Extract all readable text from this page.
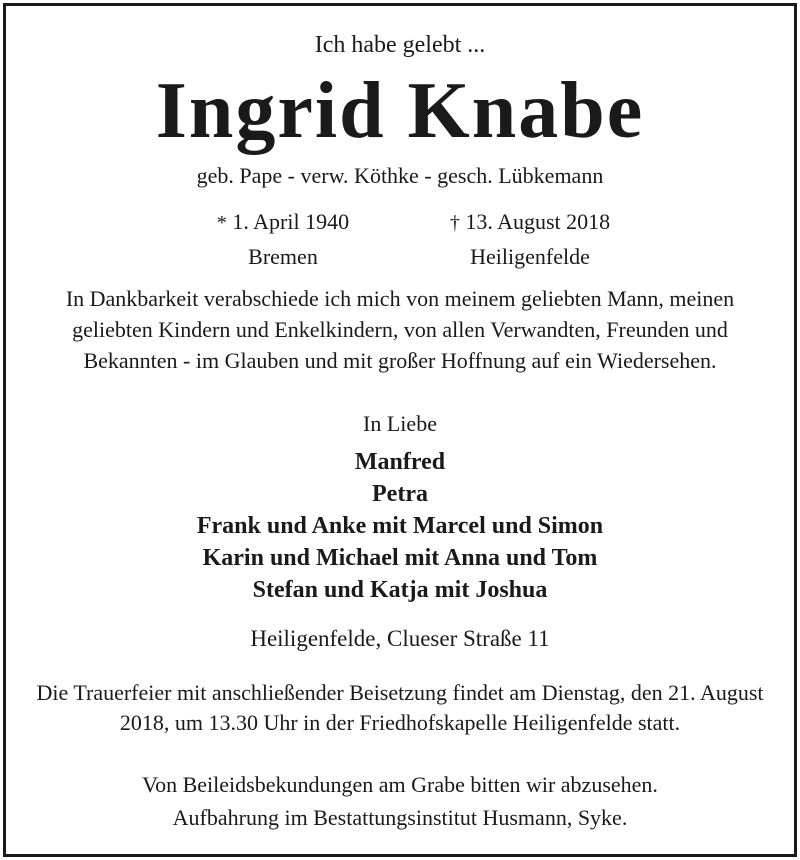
Ich habe gelebt ...
Ingrid Knabe
geb. Pape - verw. Köthke - gesch. Lübkemann
* 1. April 1940
Bremen
† 13. August 2018
Heiligenfelde
In Dankbarkeit verabschiede ich mich von meinem geliebten Mann, meinen geliebten Kindern und Enkelkindern, von allen Verwandten, Freunden und Bekannten - im Glauben und mit großer Hoffnung auf ein Wiedersehen.
In Liebe
Manfred
Petra
Frank und Anke mit Marcel und Simon
Karin und Michael mit Anna und Tom
Stefan und Katja mit Joshua
Heiligenfelde, Clueser Straße 11
Die Trauerfeier mit anschließender Beisetzung findet am Dienstag, den 21. August 2018, um 13.30 Uhr in der Friedhofskapelle Heiligenfelde statt.
Von Beileidsbekundungen am Grabe bitten wir abzusehen.
Aufbahrung im Bestattungsinstitut Husmann, Syke.
